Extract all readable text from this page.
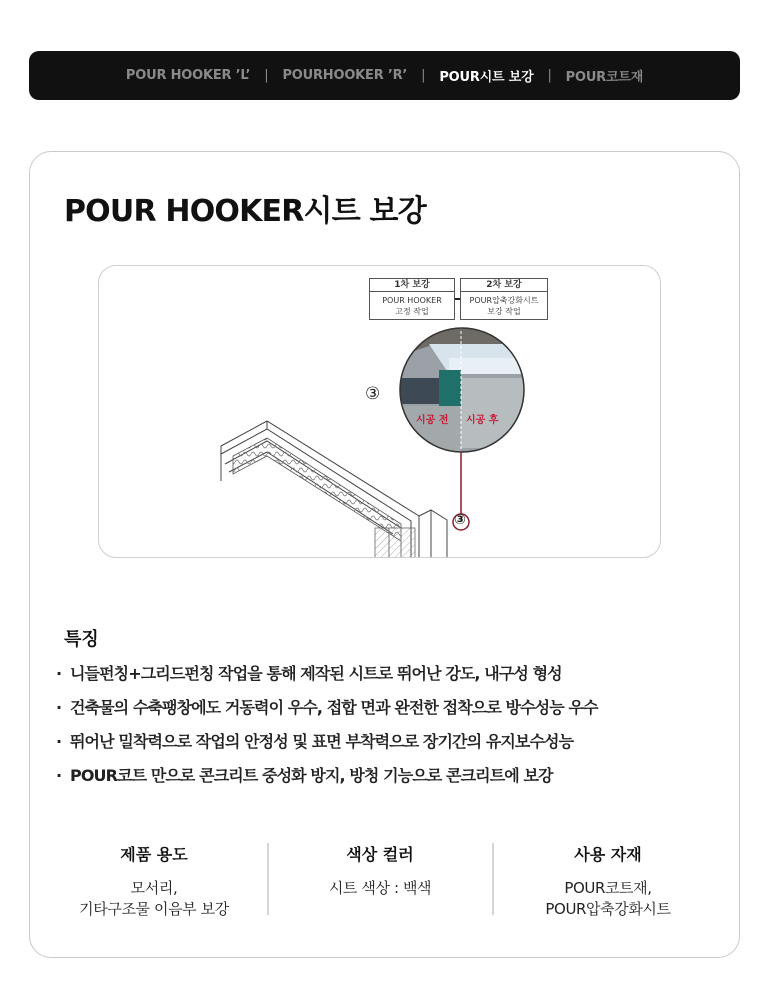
POUR HOOKER ’L’	|	POURHOOKER ’R’	|	POUR시트 보강	|	POUR코트재
POUR HOOKER시트 보강
1차 보강
POUR HOOKER
고정 작업
2차 보강
POUR압축강화시트
보강 작업
③
③
시공 전 시공 후
특징
· 니들펀칭+그리드펀칭 작업을 통해 제작된 시트로 뛰어난 강도, 내구성 형성
· 건축물의 수축팽창에도 거동력이 우수, 접합 면과 완전한 접착으로 방수성능 우수
· 뛰어난 밀착력으로 작업의 안정성 및 표면 부착력으로 장기간의 유지보수성능
· POUR코트 만으로 콘크리트 중성화 방지, 방청 기능으로 콘크리트에 보강
제품 용도
모서리,
기타구조물 이음부 보강
색상 컬러
시트 색상 : 백색
사용 자재
POUR코트재,
POUR압축강화시트
